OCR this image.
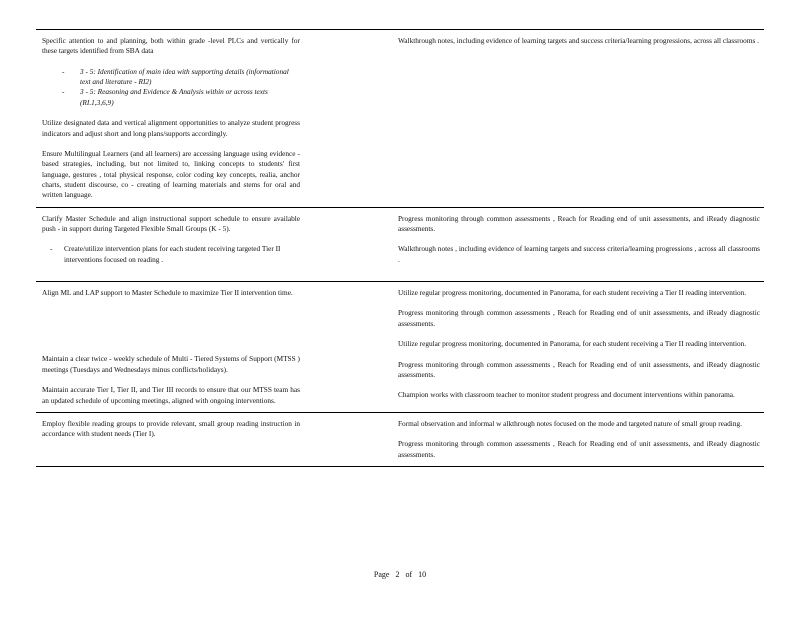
Specific attention to and planning, both within grade -level PLCs and vertically for these targets identified from SBA data

- 3 - 5: Identification of main idea with supporting details (informational text and literature - RI2)
- 3 - 5: Reasoning and Evidence & Analysis within or across texts (RI.1,3,6,9)

Utilize designated data and vertical alignment opportunities to analyze student progress indicators and adjust short and long plans/supports accordingly.

Ensure Multilingual Learners (and all learners) are accessing language using evidence - based strategies, including, but not limited to, linking concepts to students' first language, gestures , total physical response, color coding key concepts, realia, anchor charts, student discourse, co - creating of learning materials and stems for oral and written language.

Walkthrough notes, including evidence of learning targets and success criteria/learning progressions, across all classrooms .

Clarify Master Schedule and align instructional support schedule to ensure available push - in support during Targeted Flexible Small Groups (K - 5).

- Create/utilize intervention plans for each student receiving targeted Tier II interventions focused on reading .

Progress monitoring through common assessments , Reach for Reading end of unit assessments, and iReady diagnostic assessments.

Walkthrough notes , including evidence of learning targets and success criteria/learning progressions , across all classrooms .

Align ML and LAP support to Master Schedule to maximize Tier II intervention time.

Maintain a clear twice - weekly schedule of Multi - Tiered Systems of Support (MTSS ) meetings (Tuesdays and Wednesdays minus conflicts/holidays).

Maintain accurate Tier I, Tier II, and Tier III records to ensure that our MTSS team has an updated schedule of upcoming meetings, aligned with ongoing interventions.

Utilize regular progress monitoring, documented in Panorama, for each student receiving a Tier II reading intervention.

Progress monitoring through common assessments , Reach for Reading end of unit assessments, and iReady diagnostic assessments.

Utilize regular progress monitoring, documented in Panorama, for each student receiving a Tier II reading intervention.

Progress monitoring through common assessments , Reach for Reading end of unit assessments, and iReady diagnostic assessments.

Champion works with classroom teacher to monitor student progress and document interventions within panorama.

Employ flexible reading groups to provide relevant, small group reading instruction in accordance with student needs (Tier I).

Formal observation and informal w alkthrough notes focused on the mode and targeted nature of small group reading.

Progress monitoring through common assessments , Reach for Reading end of unit assessments, and iReady diagnostic assessments.

Page 2 of 10
